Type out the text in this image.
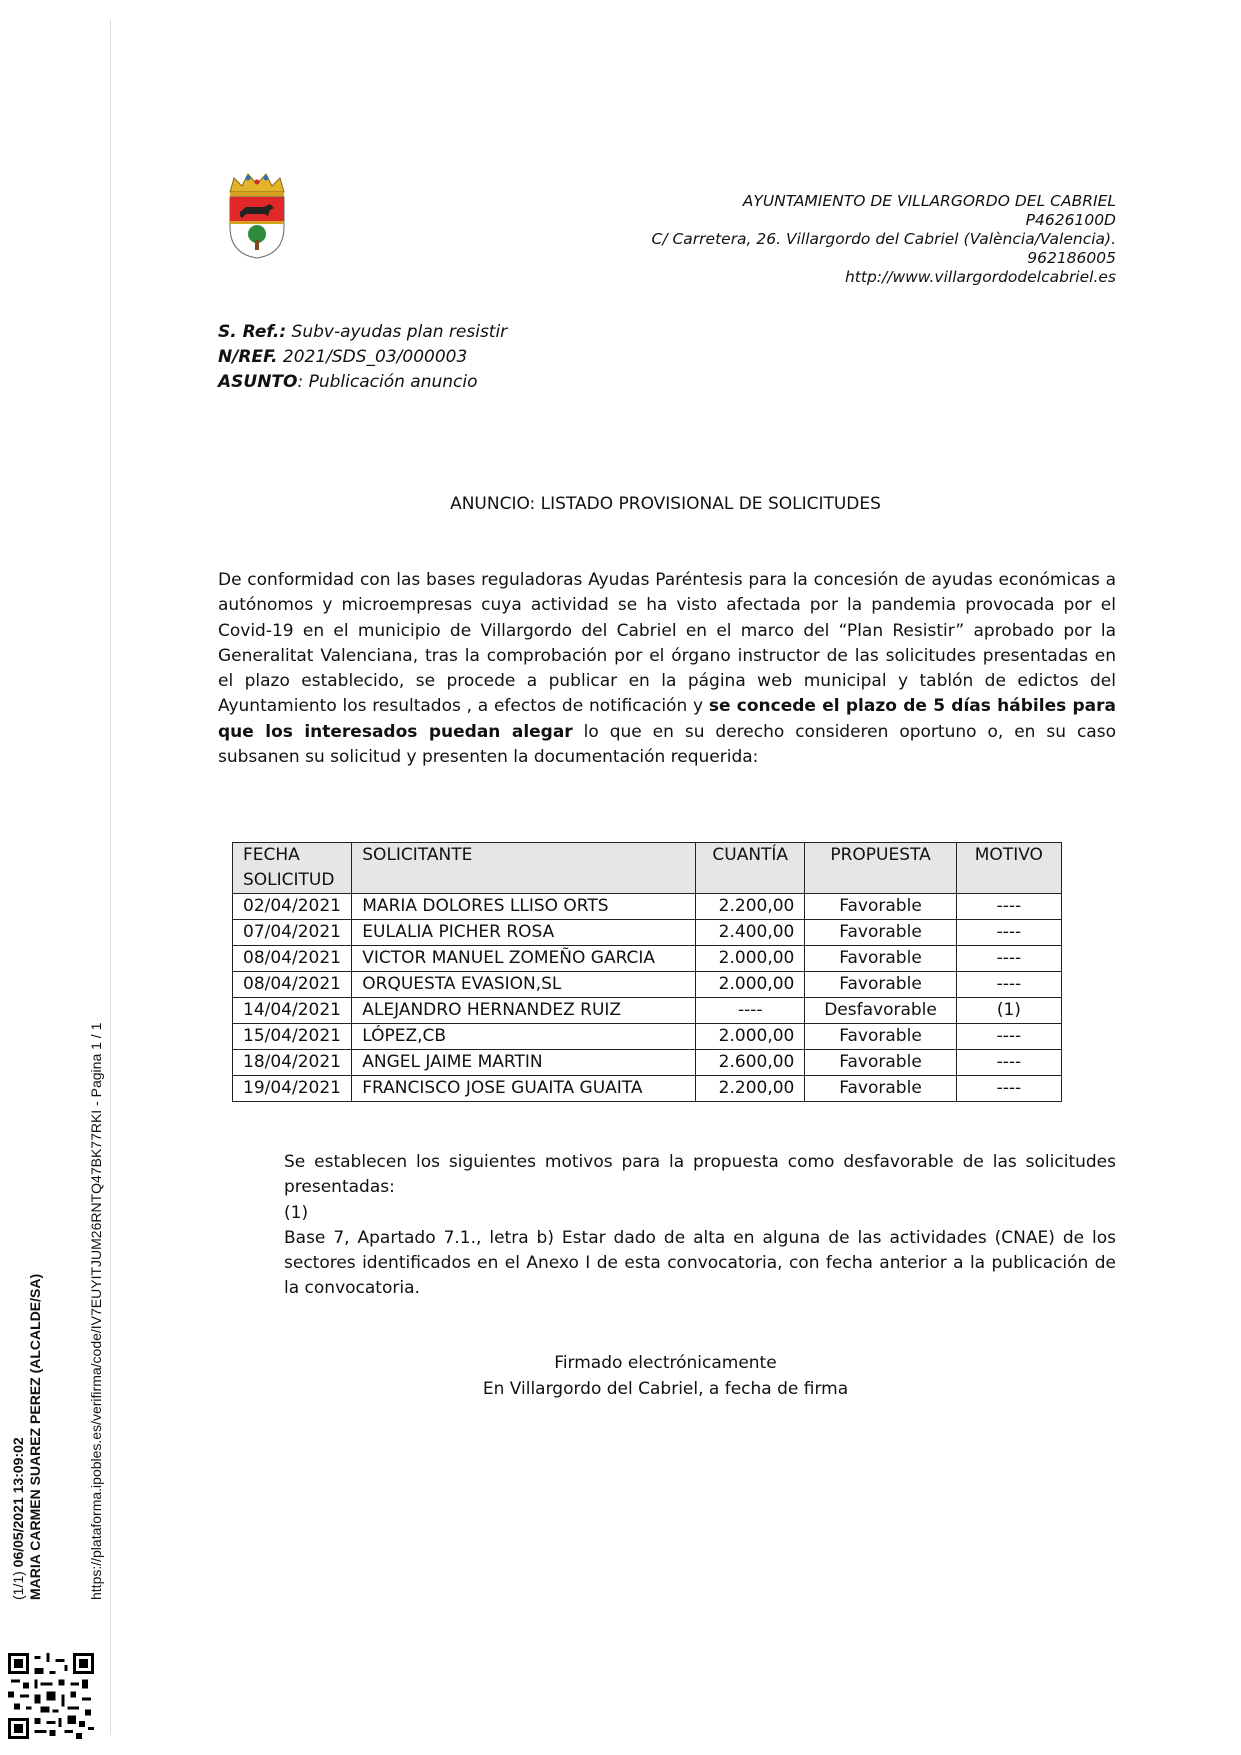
(1/1) 06/05/2021 13:09:02 MARIA CARMEN SUAREZ PEREZ (ALCALDE/SA)	https://plataforma.ipobles.es/verifirma/code/IV7EUYITJUM26RNTQ47BK77RKI - Pagina 1 / 1
AYUNTAMIENTO DE VILLARGORDO DEL CABRIEL
P4626100D
C/ Carretera, 26. Villargordo del Cabriel (València/Valencia).
962186005
http://www.villargordodelcabriel.es
S. Ref.: Subv-ayudas plan resistir
N/REF. 2021/SDS_03/000003
ASUNTO: Publicación anuncio
ANUNCIO: LISTADO PROVISIONAL DE SOLICITUDES
De conformidad con las bases reguladoras Ayudas Paréntesis para la concesión de ayudas económicas a autónomos y microempresas cuya actividad se ha visto afectada por la pandemia provocada por el Covid-19 en el municipio de Villargordo del Cabriel en el marco del “Plan Resistir” aprobado por la Generalitat Valenciana, tras la comprobación por el órgano instructor de las solicitudes presentadas en el plazo establecido, se procede a publicar en la página web municipal y tablón de edictos del Ayuntamiento los resultados , a efectos de notificación y se concede el plazo de 5 días hábiles para que los interesados puedan alegar lo que en su derecho consideren oportuno o, en su caso subsanen su solicitud y presenten la documentación requerida:
FECHA
SOLICITUD	SOLICITANTE	CUANTÍA	PROPUESTA	MOTIVO
02/04/2021	MARIA DOLORES LLISO ORTS	2.200,00	Favorable	----
07/04/2021	EULALIA PICHER ROSA	2.400,00	Favorable	----
08/04/2021	VICTOR MANUEL ZOMEÑO GARCIA	2.000,00	Favorable	----
08/04/2021	ORQUESTA EVASION,SL	2.000,00	Favorable	----
14/04/2021	ALEJANDRO HERNANDEZ RUIZ	----	Desfavorable	(1)
15/04/2021	LÓPEZ,CB	2.000,00	Favorable	----
18/04/2021	ANGEL JAIME MARTIN	2.600,00	Favorable	----
19/04/2021	FRANCISCO JOSE GUAITA GUAITA	2.200,00	Favorable	----

Se establecen los siguientes motivos para la propuesta como desfavorable de las solicitudes presentadas:

(1)

Base 7, Apartado 7.1., letra b) Estar dado de alta en alguna de las actividades (CNAE) de los sectores identificados en el Anexo I de esta convocatoria, con fecha anterior a la publicación de la convocatoria.

Firmado electrónicamente
En Villargordo del Cabriel, a fecha de firma
